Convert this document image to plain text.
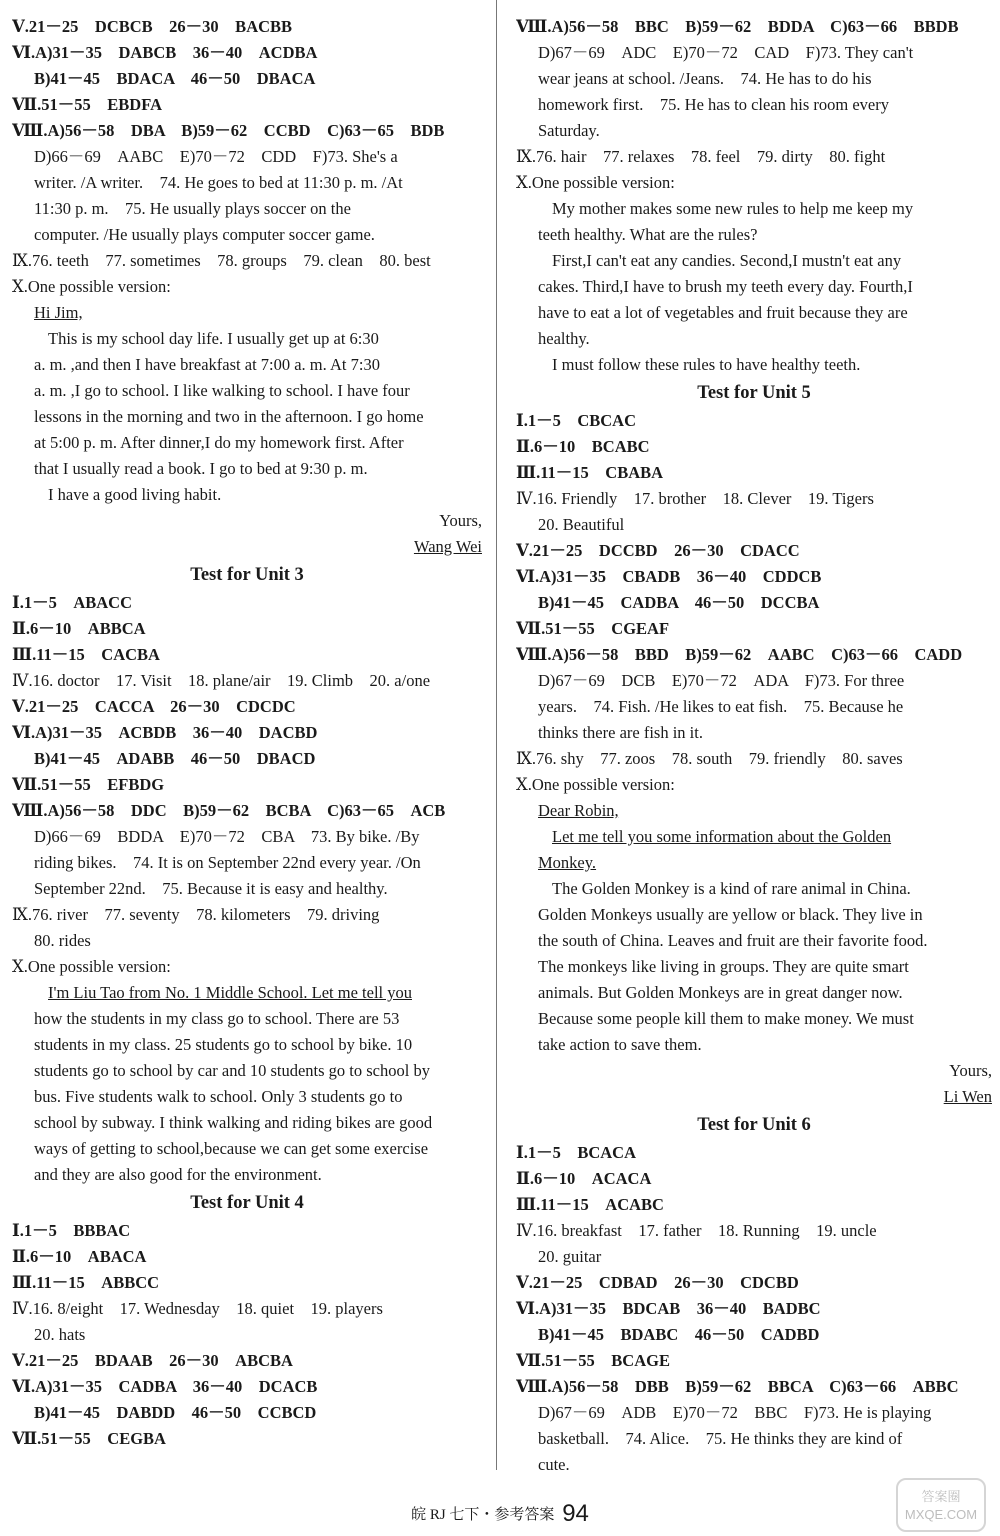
Ⅴ.21－25　DCBCB　26－30　BACBB
Ⅵ.A)31－35　DABCB　36－40　ACDBA
B)41－45　BDACA　46－50　DBACA
Ⅶ.51－55　EBDFA
Ⅷ.A)56－58　DBA　B)59－62　CCBD　C)63－65　BDB
D)66－69　AABC　E)70－72　CDD　F)73. She's a
writer. /A writer.　74. He goes to bed at 11:30 p. m. /At
11:30 p. m.　75. He usually plays soccer on the
computer. /He usually plays computer soccer game.
Ⅸ.76. teeth　77. sometimes　78. groups　79. clean　80. best
Ⅹ.One possible version:
Hi Jim,
This is my school day life. I usually get up at 6:30
a. m. ,and then I have breakfast at 7:00 a. m. At 7:30
a. m. ,I go to school. I like walking to school. I have four
lessons in the morning and two in the afternoon. I go home
at 5:00 p. m. After dinner,I do my homework first. After
that I usually read a book. I go to bed at 9:30 p. m.
I have a good living habit.
Yours,
Wang Wei
Test for Unit 3
Ⅰ.1－5　ABACC
Ⅱ.6－10　ABBCA
Ⅲ.11－15　CACBA
Ⅳ.16. doctor　17. Visit　18. plane/air　19. Climb　20. a/one
Ⅴ.21－25　CACCA　26－30　CDCDC
Ⅵ.A)31－35　ACBDB　36－40　DACBD
B)41－45　ADABB　46－50　DBACD
Ⅶ.51－55　EFBDG
Ⅷ.A)56－58　DDC　B)59－62　BCBA　C)63－65　ACB
D)66－69　BDDA　E)70－72　CBA　73. By bike. /By
riding bikes.　74. It is on September 22nd every year. /On
September 22nd.　75. Because it is easy and healthy.
Ⅸ.76. river　77. seventy　78. kilometers　79. driving
80. rides
Ⅹ.One possible version:
I'm Liu Tao from No. 1 Middle School. Let me tell you
how the students in my class go to school. There are 53
students in my class. 25 students go to school by bike. 10
students go to school by car and 10 students go to school by
bus. Five students walk to school. Only 3 students go to
school by subway. I think walking and riding bikes are good
ways of getting to school,because we can get some exercise
and they are also good for the environment.
Test for Unit 4
Ⅰ.1－5　BBBAC
Ⅱ.6－10　ABACA
Ⅲ.11－15　ABBCC
Ⅳ.16. 8/eight　17. Wednesday　18. quiet　19. players
20. hats
Ⅴ.21－25　BDAAB　26－30　ABCBA
Ⅵ.A)31－35　CADBA　36－40　DCACB
B)41－45　DABDD　46－50　CCBCD
Ⅶ.51－55　CEGBA
Ⅷ.A)56－58　BBC　B)59－62　BDDA　C)63－66　BBDB
D)67－69　ADC　E)70－72　CAD　F)73. They can't
wear jeans at school. /Jeans.　74. He has to do his
homework first.　75. He has to clean his room every
Saturday.
Ⅸ.76. hair　77. relaxes　78. feel　79. dirty　80. fight
Ⅹ.One possible version:
My mother makes some new rules to help me keep my
teeth healthy. What are the rules?
First,I can't eat any candies. Second,I mustn't eat any
cakes. Third,I have to brush my teeth every day. Fourth,I
have to eat a lot of vegetables and fruit because they are
healthy.
I must follow these rules to have healthy teeth.
Test for Unit 5
Ⅰ.1－5　CBCAC
Ⅱ.6－10　BCABC
Ⅲ.11－15　CBABA
Ⅳ.16. Friendly　17. brother　18. Clever　19. Tigers
20. Beautiful
Ⅴ.21－25　DCCBD　26－30　CDACC
Ⅵ.A)31－35　CBADB　36－40　CDDCB
B)41－45　CADBA　46－50　DCCBA
Ⅶ.51－55　CGEAF
Ⅷ.A)56－58　BBD　B)59－62　AABC　C)63－66　CADD
D)67－69　DCB　E)70－72　ADA　F)73. For three
years.　74. Fish. /He likes to eat fish.　75. Because he
thinks there are fish in it.
Ⅸ.76. shy　77. zoos　78. south　79. friendly　80. saves
Ⅹ.One possible version:
Dear Robin,
Let me tell you some information about the Golden
Monkey.
The Golden Monkey is a kind of rare animal in China.
Golden Monkeys usually are yellow or black. They live in
the south of China. Leaves and fruit are their favorite food.
The monkeys like living in groups. They are quite smart
animals. But Golden Monkeys are in great danger now.
Because some people kill them to make money. We must
take action to save them.
Yours,
Li Wen
Test for Unit 6
Ⅰ.1－5　BCACA
Ⅱ.6－10　ACACA
Ⅲ.11－15　ACABC
Ⅳ.16. breakfast　17. father　18. Running　19. uncle
20. guitar
Ⅴ.21－25　CDBAD　26－30　CDCBD
Ⅵ.A)31－35　BDCAB　36－40　BADBC
B)41－45　BDABC　46－50　CADBD
Ⅶ.51－55　BCAGE
Ⅷ.A)56－58　DBB　B)59－62　BBCA　C)63－66　ABBC
D)67－69　ADB　E)70－72　BBC　F)73. He is playing
basketball.　74. Alice.　75. He thinks they are kind of
cute.
皖 RJ 七下・参考答案 94
答案圈
MXQE.COM
